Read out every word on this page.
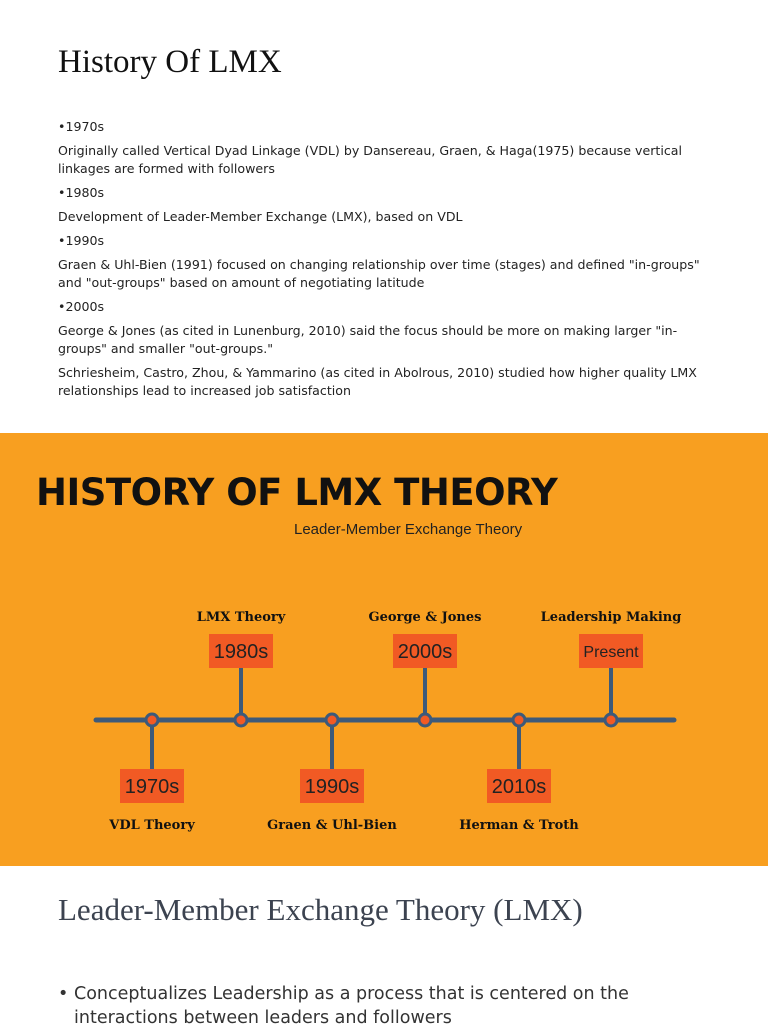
History Of LMX

• 1970s

Originally called Vertical Dyad Linkage (VDL) by Dansereau, Graen, & Haga(1975) because vertical linkages are formed with followers

• 1980s

Development of Leader-Member Exchange (LMX), based on VDL

• 1990s

Graen & Uhl-Bien (1991) focused on changing relationship over time (stages) and defined "in-groups" and "out-groups" based on amount of negotiating latitude

• 2000s

George & Jones (as cited in Lunenburg, 2010) said the focus should be more on making larger "in-groups" and smaller "out-groups."

Schriesheim, Castro, Zhou, & Yammarino (as cited in Abolrous, 2010) studied how higher quality LMX relationships lead to increased job satisfaction

HISTORY OF LMX THEORY
Leader-Member Exchange Theory
1970s
VDL Theory
1980s
LMX Theory
1990s
Graen & Uhl-Bien
2000s
George & Jones
2010s
Herman & Troth
Present
Leadership Making
Leader-Member Exchange Theory (LMX)
• Conceptualizes Leadership as a process that is centered on the interactions between leaders and followers
